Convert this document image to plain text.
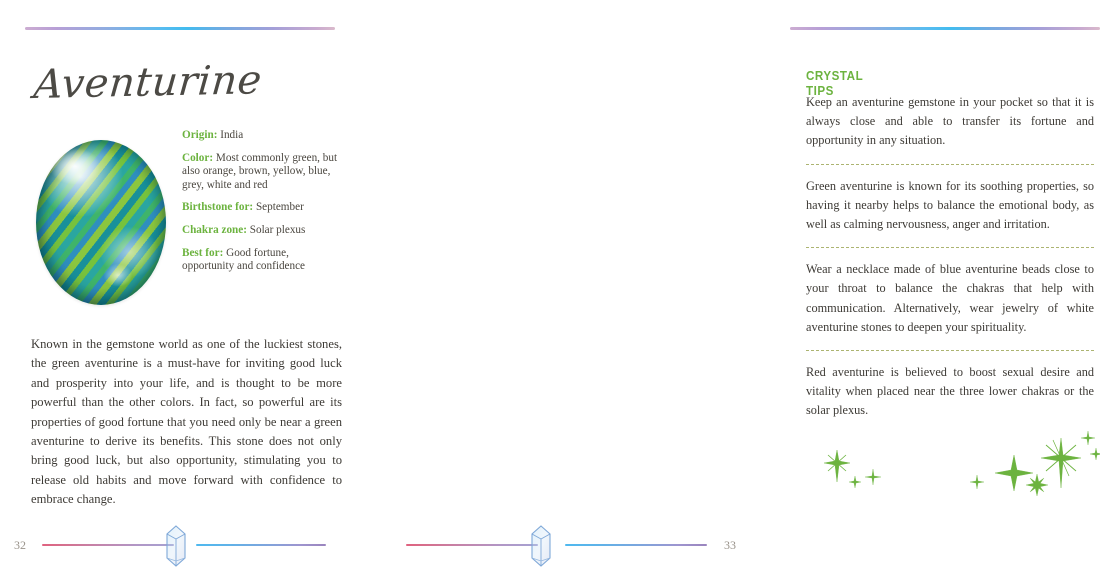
Aventurine
Origin: India
Color: Most commonly green, but also orange, brown, yellow, blue, grey, white and red
Birthstone for: September
Chakra zone: Solar plexus
Best for: Good fortune, opportunity and confidence
Known in the gemstone world as one of the luckiest stones, the green aventurine is a must-have for inviting good luck and prosperity into your life, and is thought to be more powerful than the other colors. In fact, so powerful are its properties of good fortune that you need only be near a green aventurine to derive its benefits. This stone does not only bring good luck, but also opportunity, stimulating you to release old habits and move forward with confidence to embrace change.
32
CRYSTAL TIPS

Keep an aventurine gemstone in your pocket so that it is always close and able to transfer its fortune and opportunity in any situation.

Green aventurine is known for its soothing properties, so having it nearby helps to balance the emotional body, as well as calming nervousness, anger and irritation.

Wear a necklace made of blue aventurine beads close to your throat to balance the chakras that help with communication. Alternatively, wear jewelry of white aventurine stones to deepen your spirituality.

Red aventurine is believed to boost sexual desire and vitality when placed near the three lower chakras or the solar plexus.

33
